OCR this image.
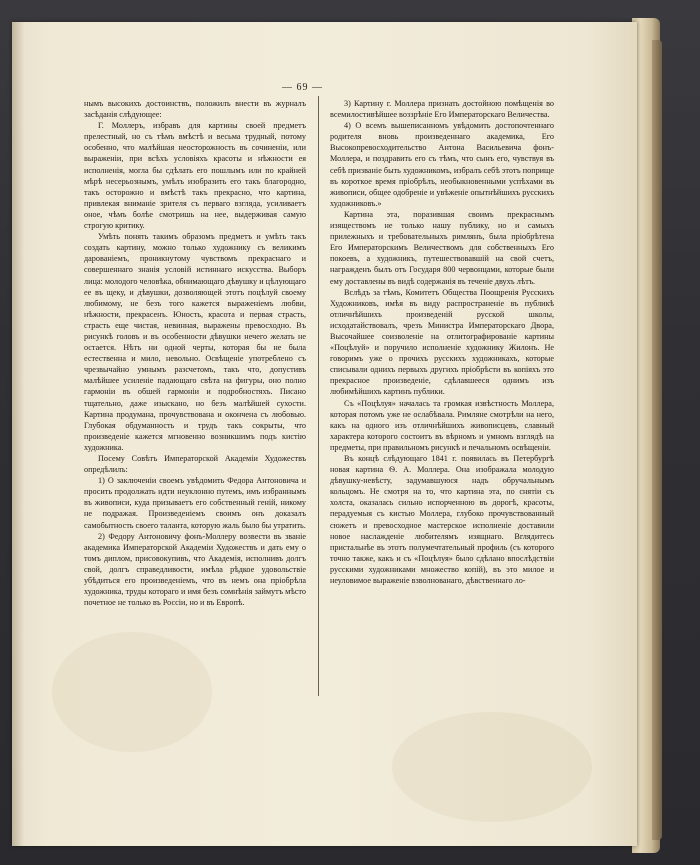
— 69 —

нымъ высокихъ достоинствъ, положилъ внести въ журналъ засѣданія слѣдующее:

Г. Моллеръ, избравъ для картины своей предметъ прелестный, но съ тѣмъ вмѣстѣ и весьма трудный, потому особенно, что малѣйшая неосторожность въ сочиненіи, или выраженіи, при всѣхъ условіяхъ красоты и нѣжности ея исполненія, могла бы сдѣлать его пошлымъ или по крайней мѣрѣ несерьознымъ, умѣлъ изобразить его такъ благородно, такъ осторожно и вмѣстѣ такъ прекрасно, что картина, привлекая вниманіе зрителя съ перваго взгляда, усиливаетъ оное, чѣмъ болѣе смотришь на нее, выдерживая самую строгую критику.

Умѣть понять такимъ образомъ предметъ и умѣть такъ создать картину, можно только художнику съ великимъ дарованіемъ, проникнутому чувствомъ прекраснаго и совершеннаго знанія условій истиннаго искусства. Выборъ лица: молодого человѣка, обнимающаго дѣвушку и цѣлующаго ее въ щеку, и дѣвушки, дозволяющей этотъ поцѣлуй своему любимому, не безъ того кажется выраженіемъ любви, нѣжности, прекрасенъ. Юность, красота и первая страсть, страсть еще чистая, невинная, выражены превосходно. Въ рисункѣ головъ и въ особенности дѣвушки нечего желать не остается. Нѣтъ ни одной черты, которая бы не была естественна и мило, невольно. Освѣщеніе употреблено съ чрезвычайно умнымъ разсчетомъ, такъ что, допустивъ малѣйшее усиленіе падающаго свѣта на фигуры, оно полно гармоніи въ обшей гармоніи и подробностяхъ. Писано тщательно, даже изыскано, но безъ малѣйшей сухости. Картина продумана, прочувствована и окончена съ любовью. Глубокая обдуманность и трудъ такъ сокрыты, что произведеніе кажется мгновенно возникшимъ подъ кистію художника.

Посему Совѣтъ Императорской Академіи Художествъ опредѣлилъ:

1) О заключеніи своемъ увѣдомить Федора Антоновича и просить продолжать идти неуклонно путемъ, имъ избраннымъ въ живописи, куда призываетъ его собственный геній, никому не подражая. Произведеніемъ своимъ онъ доказалъ самобытность своего таланта, которую жаль было бы утратить.

2) Федору Антоновичу фонъ-Моллеру возвести въ званіе академика Императорской Академіи Художествъ и дать ему о томъ диплом, присовокупивъ, что Академія, исполнивъ долгъ свой, долгъ справедливости, имѣла рѣдкое удовольствіе убѣдиться его произведеніемъ, что въ немъ она пріобрѣла художника, труды котораго и имя безъ сомнѣнія займутъ мѣсто почетное не только въ Россіи, но и въ Европѣ.

3) Картину г. Моллера признать достойною помѣщенія во всемилостивѣйшее воззрѣніе Его Императорскаго Величества.

4) О всемъ вышеписанномъ увѣдомить достопочтеннаго родителя вновь произведеннаго академика, Его Высокопревосходительство Антона Васильевича фонъ-Моллера, и поздравить его съ тѣмъ, что сынъ его, чувствуя въ себѣ призваніе быть художникомъ, избралъ себѣ этотъ поприще въ короткое время пріобрѣлъ, необыкновенными успѣхами въ живописи, общее одобреніе и увѣженіе опытнѣйшихъ русскихъ художниковъ.»

Картина эта, поразившая своимъ прекраснымъ изяществомъ не только нашу публику, но и самыхъ прилежныхъ и требовательныхъ римлянъ, была пріобрѣтена Его Императорскимъ Величествомъ для собственныхъ Его покоевъ, а художникъ, путешествовавшій на свой счетъ, награжденъ былъ отъ Государя 800 червонцами, которые были ему доставлены въ видѣ содержанія въ теченіе двухъ лѣтъ.

Вслѣдъ за тѣмъ, Комитетъ Общества Поощренія Русскихъ Художниковъ, имѣя въ виду распространеніе въ публикѣ отличнѣйшихъ произведеній русской школы, исходатайствовалъ, чрезъ Министра Императорскаго Двора, Высочайшее соизволеніе на отлитографированіе картины «Поцѣлуй» и поручило исполненіе художнику Жилонъ. Не говоримъ уже о прочихъ русскихъ художникахъ, которые списывали однихъ первыхъ другихъ пріобрѣсти въ копіяхъ это прекрасное произведеніе, сдѣлавшееся однимъ изъ любимѣйшихъ картинъ публики.

Съ «Поцѣлуя» началась та громкая извѣстность Моллера, которая потомъ уже не ослабѣвала. Римляне смотрѣли на него, какъ на одного изъ отличнѣйшихъ живописцевъ, славный характера которого состоитъ въ вѣрномъ и умномъ взглядѣ на предметы, при правильномъ рисункѣ и печальномъ освѣщеніи.

Въ концѣ слѣдующаго 1841 г. появилась въ Петербургѣ новая картина Ѳ. А. Моллера. Она изображала молодую дѣвушку-невѣсту, задумавшуюся надъ обручальнымъ кольцомъ. Не смотря на то, что картина эта, по снятіи съ холста, оказалась сильно испорченною въ дорогѣ, красоты, перадуемыя съ кистью Моллера, глубоко прочувствованный сюжетъ и превосходное мастерское исполненіе доставили новое наслажденіе любителямъ изящнаго. Вглядитесь пристальнѣе въ этотъ полумечтательный профиль (съ которого точно также, какъ и съ «Поцѣлуя» было сдѣлано впослѣдствіи русскими художниками множество копій), въ это милое и неуловимое выраженіе взволнованаго, дѣвственнаго ло-
